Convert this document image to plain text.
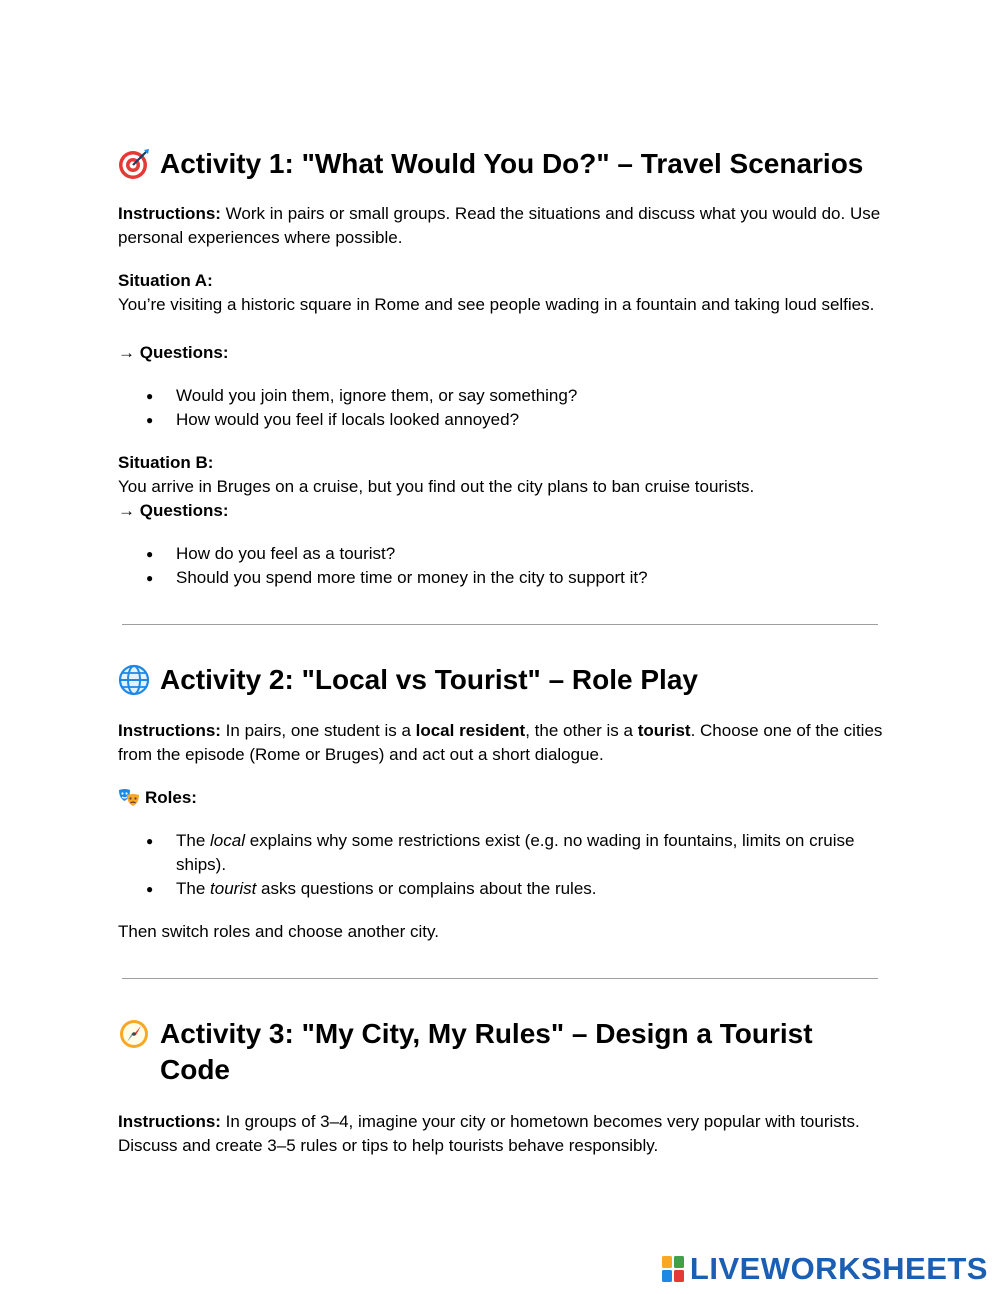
Activity 1: "What Would You Do?" – Travel Scenarios

Instructions: Work in pairs or small groups. Read the situations and discuss what you would do. Use personal experiences where possible.

Situation A:

You’re visiting a historic square in Rome and see people wading in a fountain and taking loud selfies.

→ Questions:

● Would you join them, ignore them, or say something?
● How would you feel if locals looked annoyed?

Situation B:

You arrive in Bruges on a cruise, but you find out the city plans to ban cruise tourists.

→ Questions:

● How do you feel as a tourist?
● Should you spend more time or money in the city to support it?
Activity 2: "Local vs Tourist" – Role Play

Instructions: In pairs, one student is a local resident, the other is a tourist. Choose one of the cities from the episode (Rome or Bruges) and act out a short dialogue.

Roles:

● The local explains why some restrictions exist (e.g. no wading in fountains, limits on cruise ships).
● The tourist asks questions or complains about the rules.

Then switch roles and choose another city.

Activity 3: "My City, My Rules" – Design a Tourist Code

Instructions: In groups of 3–4, imagine your city or hometown becomes very popular with tourists. Discuss and create 3–5 rules or tips to help tourists behave responsibly.

LIVEWORKSHEETS
